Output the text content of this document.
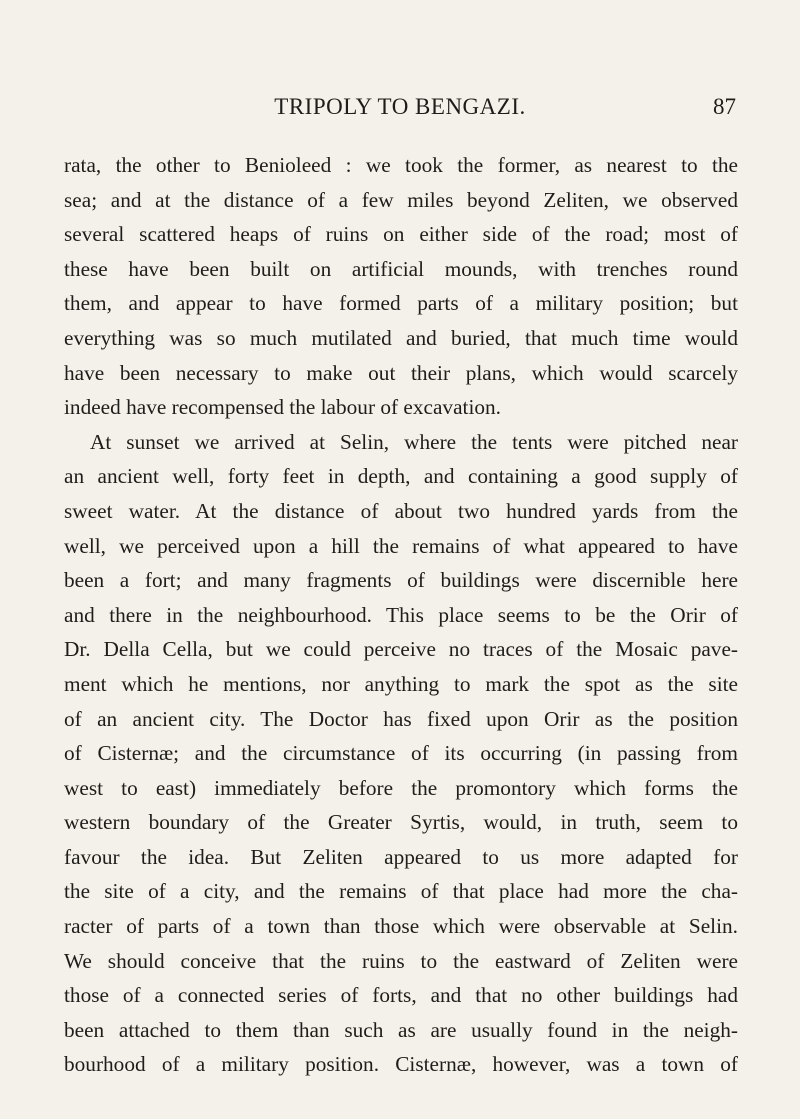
TRIPOLY TO BENGAZI.	87

rata, the other to Benioleed : we took the former, as nearest to the
sea; and at the distance of a few miles beyond Zeliten, we observed
several scattered heaps of ruins on either side of the road; most of
these have been built on artificial mounds, with trenches round
them, and appear to have formed parts of a military position; but
everything was so much mutilated and buried, that much time would
have been necessary to make out their plans, which would scarcely
indeed have recompensed the labour of excavation.

At sunset we arrived at Selin, where the tents were pitched near
an ancient well, forty feet in depth, and containing a good supply of
sweet water. At the distance of about two hundred yards from the
well, we perceived upon a hill the remains of what appeared to have
been a fort; and many fragments of buildings were discernible here
and there in the neighbourhood. This place seems to be the Orir of
Dr. Della Cella, but we could perceive no traces of the Mosaic pave-
ment which he mentions, nor anything to mark the spot as the site
of an ancient city. The Doctor has fixed upon Orir as the position
of Cisternæ; and the circumstance of its occurring (in passing from
west to east) immediately before the promontory which forms the
western boundary of the Greater Syrtis, would, in truth, seem to
favour the idea. But Zeliten appeared to us more adapted for
the site of a city, and the remains of that place had more the cha-
racter of parts of a town than those which were observable at Selin.
We should conceive that the ruins to the eastward of Zeliten were
those of a connected series of forts, and that no other buildings had
been attached to them than such as are usually found in the neigh-
bourhood of a military position. Cisternæ, however, was a town of
